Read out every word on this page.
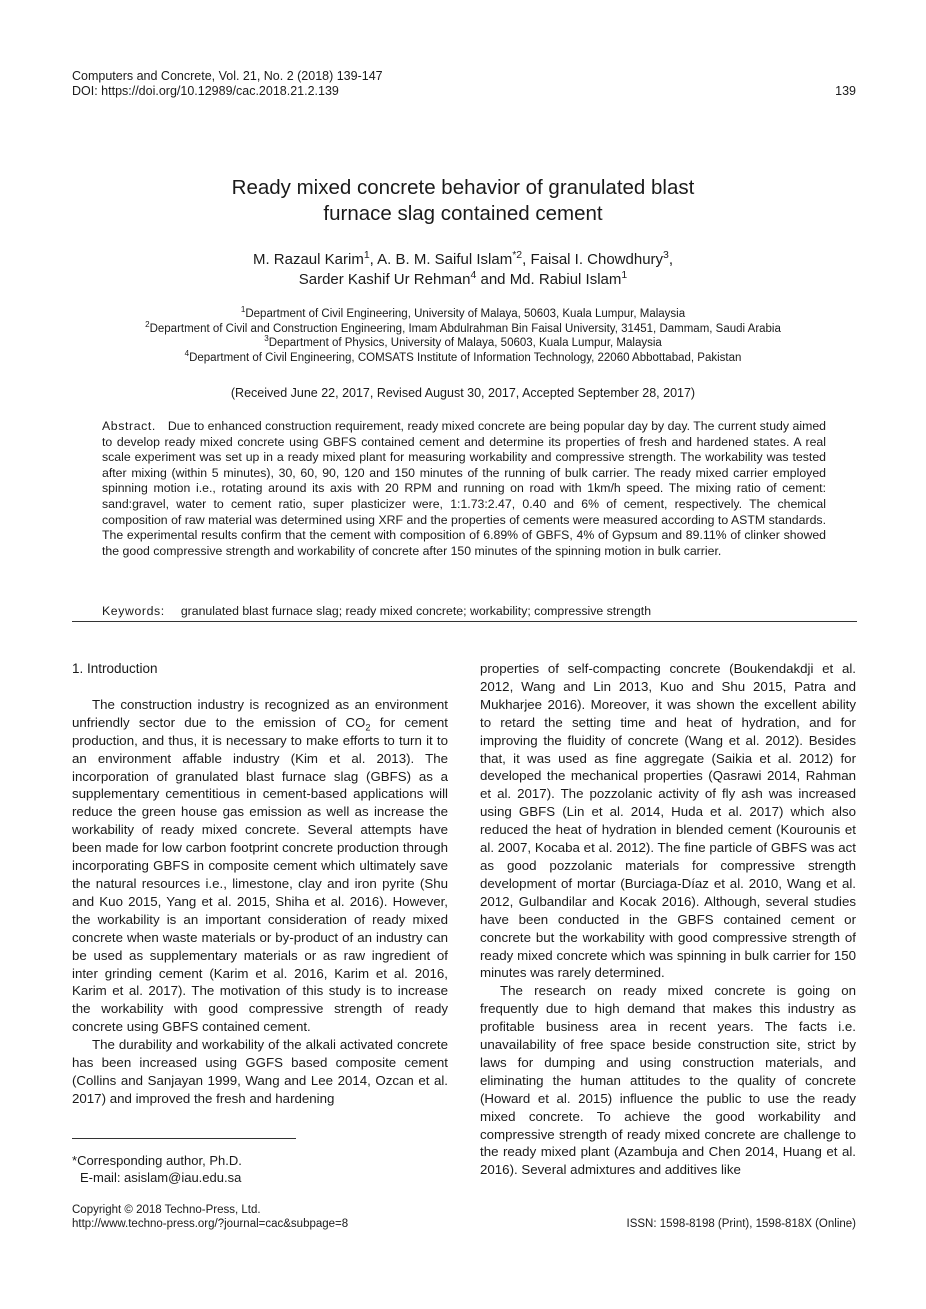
Computers and Concrete, Vol. 21, No. 2 (2018) 139-147
DOI: https://doi.org/10.12989/cac.2018.21.2.139	139
Ready mixed concrete behavior of granulated blast
furnace slag contained cement
M. Razaul Karim$^1$, A. B. M. Saiful Islam$^{*2}$, Faisal I. Chowdhury$^3$,
Sarder Kashif Ur Rehman$^4$ and Md. Rabiul Islam$^1$
$^1$Department of Civil Engineering, University of Malaya, 50603, Kuala Lumpur, Malaysia
$^2$Department of Civil and Construction Engineering, Imam Abdulrahman Bin Faisal University, 31451, Dammam, Saudi Arabia
$^3$Department of Physics, University of Malaya, 50603, Kuala Lumpur, Malaysia
$^4$Department of Civil Engineering, COMSATS Institute of Information Technology, 22060 Abbottabad, Pakistan
(Received June 22, 2017, Revised August 30, 2017, Accepted September 28, 2017)
Abstract. Due to enhanced construction requirement, ready mixed concrete are being popular day by day. The current study aimed to develop ready mixed concrete using GBFS contained cement and determine its properties of fresh and hardened states. A real scale experiment was set up in a ready mixed plant for measuring workability and compressive strength. The workability was tested after mixing (within 5 minutes), 30, 60, 90, 120 and 150 minutes of the running of bulk carrier. The ready mixed carrier employed spinning motion i.e., rotating around its axis with 20 RPM and running on road with 1km/h speed. The mixing ratio of cement: sand:gravel, water to cement ratio, super plasticizer were, 1:1.73:2.47, 0.40 and 6% of cement, respectively. The chemical composition of raw material was determined using XRF and the properties of cements were measured according to ASTM standards. The experimental results confirm that the cement with composition of 6.89% of GBFS, 4% of Gypsum and 89.11% of clinker showed the good compressive strength and workability of concrete after 150 minutes of the spinning motion in bulk carrier.
Keywords: granulated blast furnace slag; ready mixed concrete; workability; compressive strength
1. Introduction

The construction industry is recognized as an environment unfriendly sector due to the emission of $CO_2$ for cement production, and thus, it is necessary to make efforts to turn it to an environment affable industry (Kim et al. 2013). The incorporation of granulated blast furnace slag (GBFS) as a supplementary cementitious in cement-based applications will reduce the green house gas emission as well as increase the workability of ready mixed concrete. Several attempts have been made for low carbon footprint concrete production through incorporating GBFS in composite cement which ultimately save the natural resources i.e., limestone, clay and iron pyrite (Shu and Kuo 2015, Yang et al. 2015, Shiha et al. 2016). However, the workability is an important consideration of ready mixed concrete when waste materials or by-product of an industry can be used as supplementary materials or as raw ingredient of inter grinding cement (Karim et al. 2016, Karim et al. 2016, Karim et al. 2017). The motivation of this study is to increase the workability with good compressive strength of ready concrete using GBFS contained cement.

The durability and workability of the alkali activated concrete has been increased using GGFS based composite cement (Collins and Sanjayan 1999, Wang and Lee 2014, Ozcan et al. 2017) and improved the fresh and hardening

properties of self-compacting concrete (Boukendakdji et al. 2012, Wang and Lin 2013, Kuo and Shu 2015, Patra and Mukharjee 2016). Moreover, it was shown the excellent ability to retard the setting time and heat of hydration, and for improving the fluidity of concrete (Wang et al. 2012). Besides that, it was used as fine aggregate (Saikia et al. 2012) for developed the mechanical properties (Qasrawi 2014, Rahman et al. 2017). The pozzolanic activity of fly ash was increased using GBFS (Lin et al. 2014, Huda et al. 2017) which also reduced the heat of hydration in blended cement (Kourounis et al. 2007, Kocaba et al. 2012). The fine particle of GBFS was act as good pozzolanic materials for compressive strength development of mortar (Burciaga-Díaz et al. 2010, Wang et al. 2012, Gulbandilar and Kocak 2016). Although, several studies have been conducted in the GBFS contained cement or concrete but the workability with good compressive strength of ready mixed concrete which was spinning in bulk carrier for 150 minutes was rarely determined.

The research on ready mixed concrete is going on frequently due to high demand that makes this industry as profitable business area in recent years. The facts i.e. unavailability of free space beside construction site, strict by laws for dumping and using construction materials, and eliminating the human attitudes to the quality of concrete (Howard et al. 2015) influence the public to use the ready mixed concrete. To achieve the good workability and compressive strength of ready mixed concrete are challenge to the ready mixed plant (Azambuja and Chen 2014, Huang et al. 2016). Several admixtures and additives like

*Corresponding author, Ph.D.
E-mail: asislam@iau.edu.sa
Copyright © 2018 Techno-Press, Ltd.
http://www.techno-press.org/?journal=cac&subpage=8	ISSN: 1598-8198 (Print), 1598-818X (Online)
